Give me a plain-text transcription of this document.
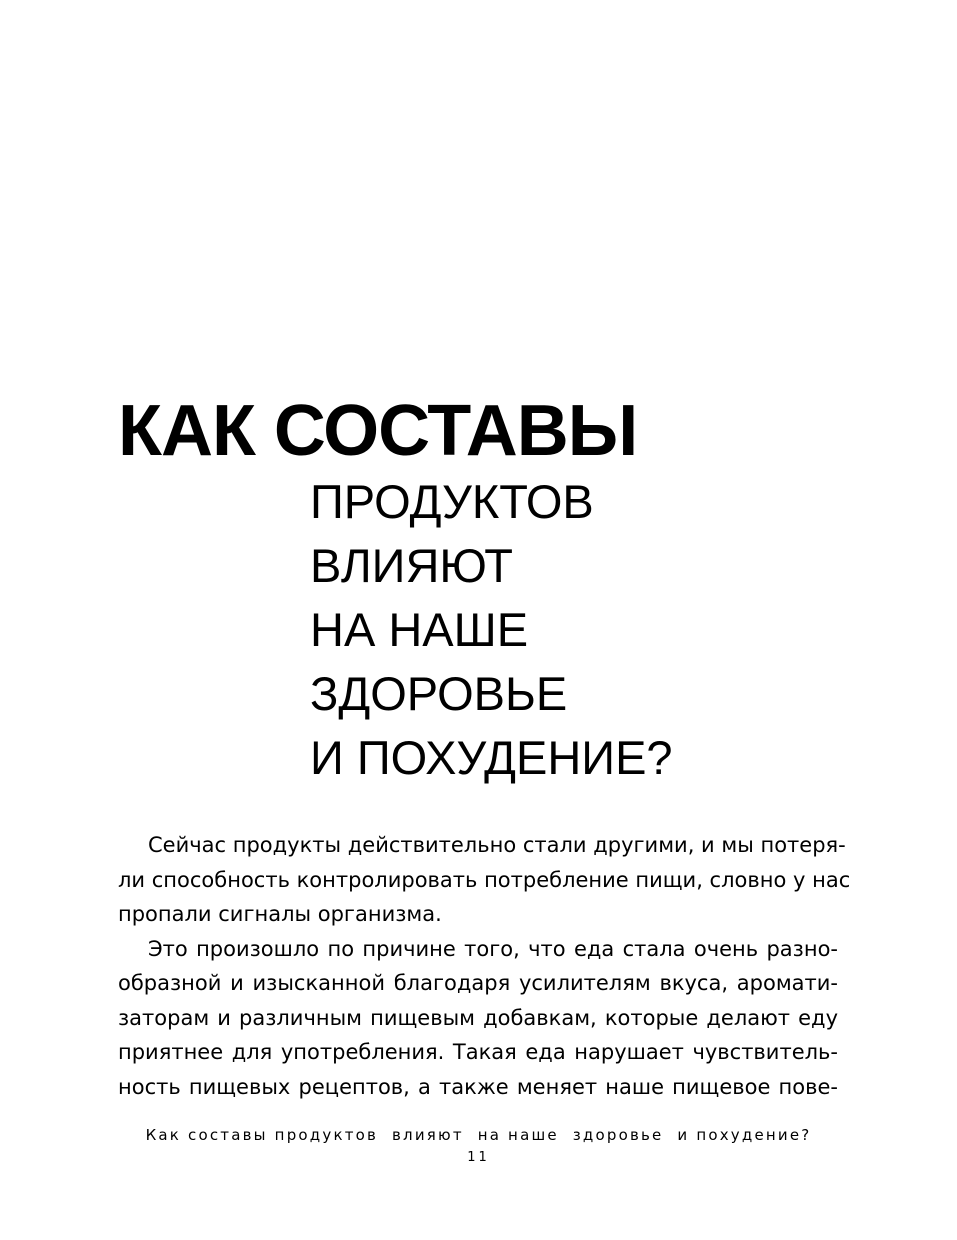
КАК СОСТАВЫ
ПРОДУКТОВ
ВЛИЯЮТ
НА НАШЕ
ЗДОРОВЬЕ
И ПОХУДЕНИЕ?
Сейчас продукты действительно стали другими, и мы потеря-
ли способность контролировать потребление пищи, словно у нас
пропали сигналы организма.
Это произошло по причине того, что еда стала очень разно-
образной и изысканной благодаря усилителям вкуса, аромати-
заторам и различным пищевым добавкам, которые делают еду
приятнее для употребления. Такая еда нарушает чувствитель-
ность пищевых рецептов, а также меняет наше пищевое пове-
Как составы продуктов  влияют  на наше  здоровье  и похудение?
11
